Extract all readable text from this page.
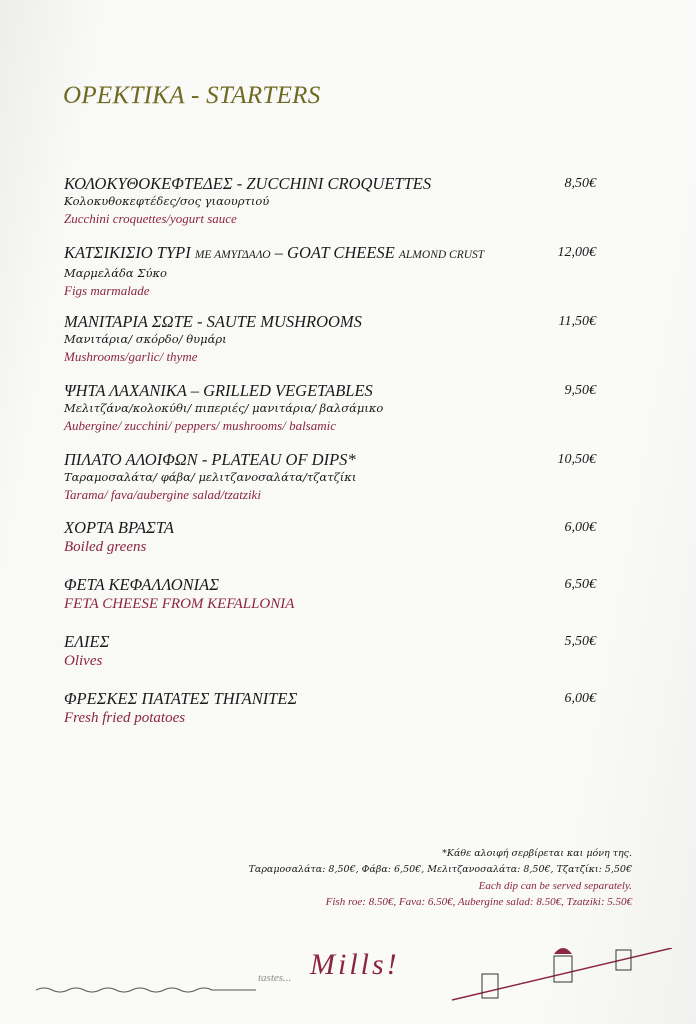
ΟΡΕΚΤΙΚΑ - STARTERS
ΚΟΛΟΚΥΘΟΚΕΦΤΕΔΕΣ - ZUCCHINI CROQUETTES	8,50€
Κολοκυθοκεφτέδες/σος γιαουρτιού
Zucchini croquettes/yogurt sauce
ΚΑΤΣΙΚΙΣΙΟ ΤΥΡΙ ΜΕ ΑΜΥΓΔΑΛΟ – GOAT CHEESE ALMOND CRUST	12,00€
Μαρμελάδα Σύκο
Figs marmalade
ΜΑΝΙΤΑΡΙΑ ΣΩΤΕ - SAUTE MUSHROOMS	11,50€
Μανιτάρια/ σκόρδο/ θυμάρι
Mushrooms/garlic/ thyme
ΨΗΤΑ ΛΑΧΑΝΙΚΑ – GRILLED VEGETABLES	9,50€
Μελιτζάνα/κολοκύθι/ πιπεριές/ μανιτάρια/ βαλσάμικο
Aubergine/ zucchini/ peppers/ mushrooms/ balsamic
ΠΙΛΑΤΟ ΑΛΟΙΦΩΝ - PLATEAU OF DIPS*	10,50€
Ταραμοσαλάτα/ φάβα/ μελιτζανοσαλάτα/τζατζίκι
Tarama/ fava/aubergine salad/tzatziki
ΧΟΡΤΑ ΒΡΑΣΤΑ	6,00€
Boiled greens
ΦΕΤΑ ΚΕΦΑΛΛΟΝΙΑΣ	6,50€
FETA CHEESE FROM KEFALLONIA
ΕΛΙΕΣ	5,50€
Olives
ΦΡΕΣΚΕΣ ΠΑΤΑΤΕΣ ΤΗΓΑΝΙΤΕΣ	6,00€
Fresh fried potatoes
*Κάθε αλοιφή σερβίρεται και μόνη της.
Ταραμοσαλάτα: 8,50€, Φάβα: 6,50€, Μελιτζανοσαλάτα: 8,50€, Τζατζίκι: 5,50€
Each dip can be served separately.
Fish roe: 8.50€, Fava: 6.50€, Aubergine salad: 8.50€, Tzatziki: 5.50€
tastes... Mills!
